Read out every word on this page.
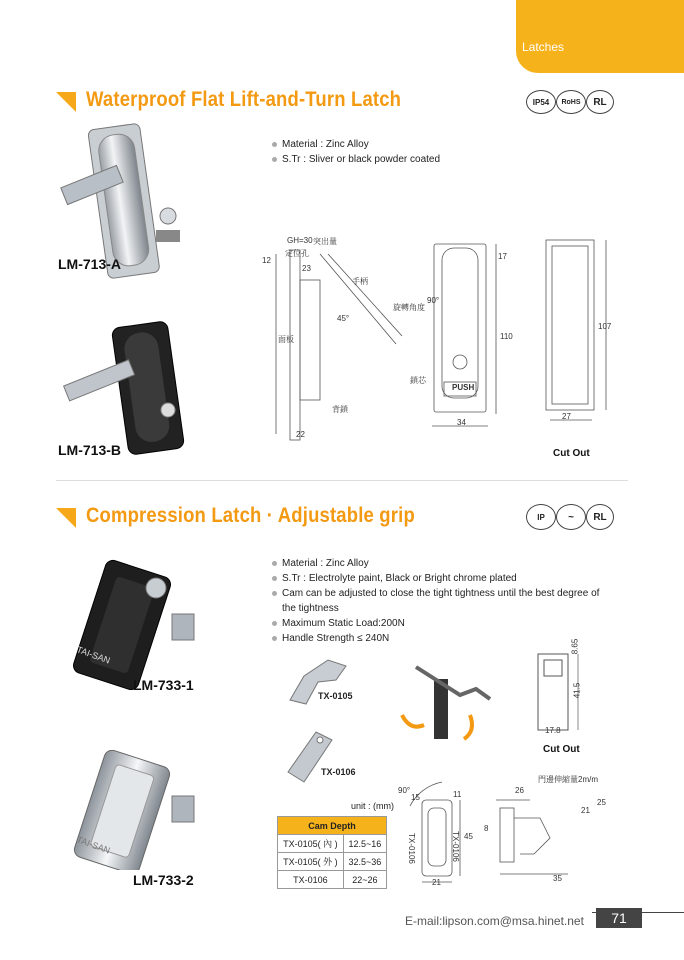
Latches
Waterproof Flat Lift-and-Turn Latch	IP54	RoHS	RL
Material : Zinc Alloy
S.Tr : Sliver or black powder coated
LM-713-A
LM-713-B
GH=30 突出量
定位孔
手柄
旋轉角度
鎖芯
面板
背鎖
22
12
23
45°
90°
17
110
34
107
27
PUSH
Cut Out
Compression Latch · Adjustable grip	IP	~	RL
Material : Zinc Alloy
S.Tr : Electrolyte paint, Black or Bright chrome plated
Cam can be adjusted to close the tight tightness until the best degree of the tightness
Maximum Static Load:200N
Handle Strength ≤ 240N
TAI-SAN
LM-733-1
TAI-SAN
LM-733-2
TX-0105
TX-0106
8.65
41.5
17.8
Cut Out
unit : (mm)
Cam Depth	
TX-0105( 內 )	12.5~16
TX-0105( 外 )	32.5~36
TX-0106	22~26
90°
15	11
45
21
TX-0106	TX-0106
26
21
25
35
8
門邊伸縮量2m/m
E-mail:lipson.com@msa.hinet.net	71
